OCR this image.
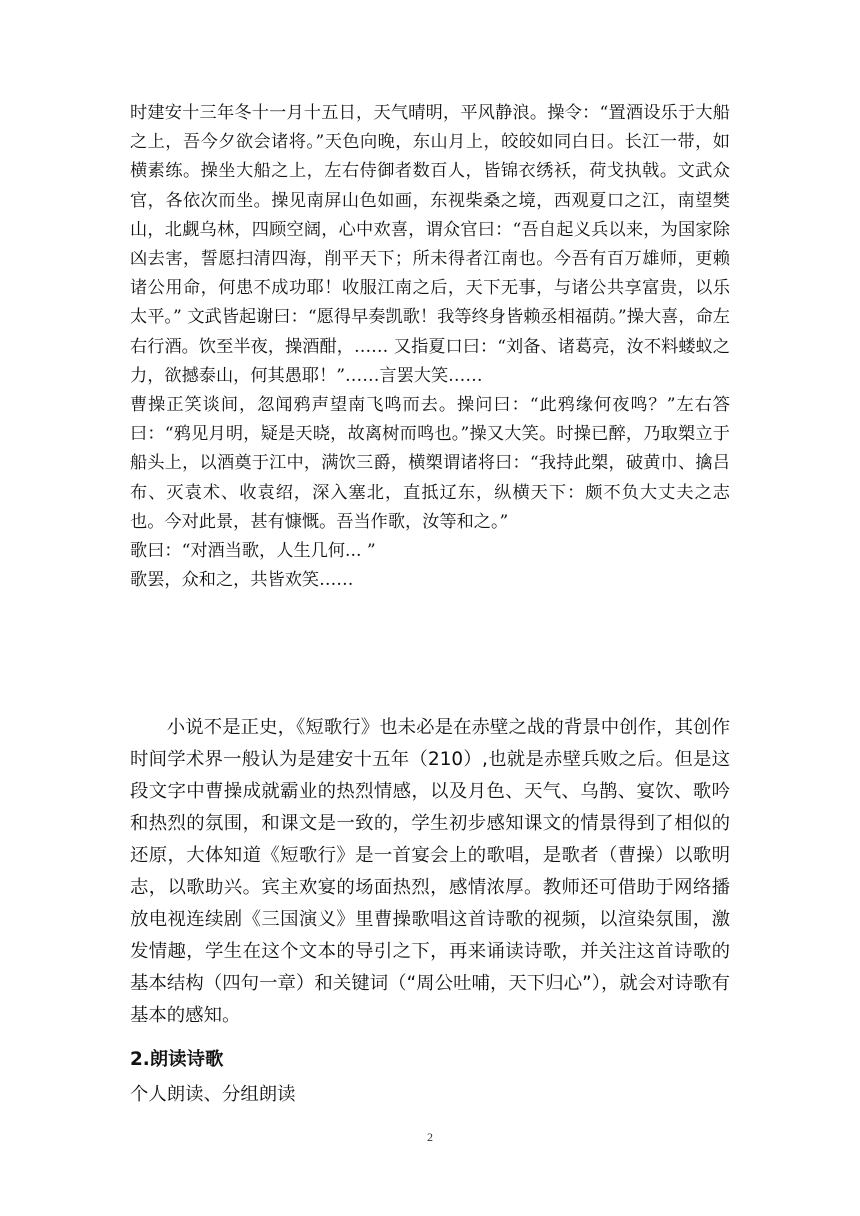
时建安十三年冬十一月十五日，天气晴明，平风静浪。操令：“置酒设乐于大船之上，吾今夕欲会诸将。”天色向晚，东山月上，皎皎如同白日。长江一带，如横素练。操坐大船之上，左右侍御者数百人，皆锦衣绣袄，荷戈执戟。文武众官，各依次而坐。操见南屏山色如画，东视柴桑之境，西观夏口之江，南望樊山，北觑乌林，四顾空阔，心中欢喜，谓众官曰：“吾自起义兵以来，为国家除凶去害，誓愿扫清四海，削平天下；所未得者江南也。今吾有百万雄师，更赖诸公用命，何患不成功耶！收服江南之后，天下无事，与诸公共享富贵，以乐太平。” 文武皆起谢曰：“愿得早奏凯歌！我等终身皆赖丞相福荫。”操大喜，命左右行酒。饮至半夜，操酒酣，…… 又指夏口曰：“刘备、诸葛亮，汝不料蝼蚁之力，欲撼泰山，何其愚耶！”……言罢大笑……

曹操正笑谈间，忽闻鸦声望南飞鸣而去。操问曰：“此鸦缘何夜鸣？”左右答曰：“鸦见月明，疑是天晓，故离树而鸣也。”操又大笑。时操已醉，乃取槊立于船头上，以酒奠于江中，满饮三爵，横槊谓诸将曰：“我持此槊，破黄巾、擒吕布、灭袁术、收袁绍，深入塞北，直抵辽东，纵横天下：颇不负大丈夫之志也。今对此景，甚有慷慨。吾当作歌，汝等和之。”

歌曰：“对酒当歌，人生几何... ”

歌罢，众和之，共皆欢笑……

小说不是正史，《短歌行》也未必是在赤壁之战的背景中创作，其创作时间学术界一般认为是建安十五年（210）,也就是赤壁兵败之后。但是这段文字中曹操成就霸业的热烈情感，以及月色、天气、乌鹊、宴饮、歌吟和热烈的氛围，和课文是一致的，学生初步感知课文的情景得到了相似的还原，大体知道《短歌行》是一首宴会上的歌唱，是歌者（曹操）以歌明志，以歌助兴。宾主欢宴的场面热烈，感情浓厚。教师还可借助于网络播放电视连续剧《三国演义》里曹操歌唱这首诗歌的视频，以渲染氛围，激发情趣，学生在这个文本的导引之下，再来诵读诗歌，并关注这首诗歌的基本结构（四句一章）和关键词（“周公吐哺，天下归心”），就会对诗歌有基本的感知。

2.朗读诗歌

个人朗读、分组朗读

2
